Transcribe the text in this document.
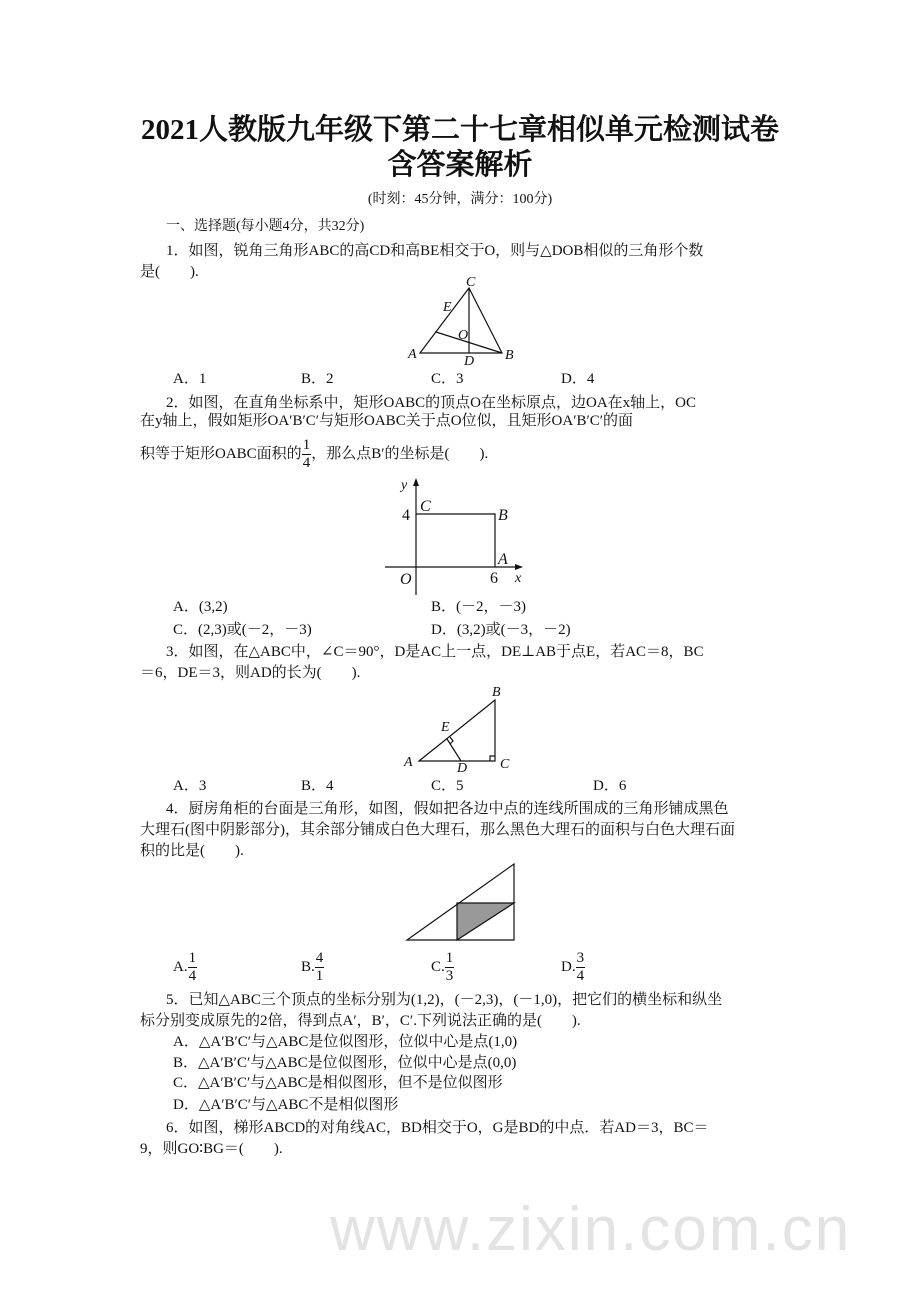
www.zixin.com.cn
2021人教版九年级下第二十七章相似单元检测试卷
含答案解析
(时刻：45分钟，满分：100分)
一、选择题(每小题4分，共32分)
1．如图，锐角三角形ABC的高CD和高BE相交于O，则与△DOB相似的三角形个数
是(　　).
A	B
C
D
E
O
A．1	B．2	C．3	D．4
2．如图，在直角坐标系中，矩形OABC的顶点O在坐标原点，边OA在x轴上，OC
在y轴上，假如矩形OA′B′C′与矩形OABC关于点O位似，且矩形OA′B′C′的面
积等于矩形OABC面积的 $\frac{1}{4}$ ，那么点B′的坐标是(　　).
y
x
C
B
A
O
4
6
A．(3,2)	B．(－2，－3)
C．(2,3)或(－2，－3)	D．(3,2)或(－3，－2)
3．如图，在△ABC中，∠C＝90°，D是AC上一点，DE⊥AB于点E，若AC＝8，BC
＝6，DE＝3，则AD的长为(　　).
A
B
C
D
E
A．3	B．4	C．5	D．6
4．厨房角柜的台面是三角形，如图，假如把各边中点的连线所围成的三角形铺成黑色
大理石(图中阴影部分)，其余部分铺成白色大理石，那么黑色大理石的面积与白色大理石面
积的比是(　　).
A. $\frac{1}{4}$	B. $\frac{4}{1}$	C. $\frac{1}{3}$	D. $\frac{3}{4}$
5．已知△ABC三个顶点的坐标分别为(1,2)，(－2,3)，(－1,0)，把它们的横坐标和纵坐
标分别变成原先的2倍，得到点A′，B′，C′.下列说法正确的是(　　).
A．△A′B′C′与△ABC是位似图形，位似中心是点(1,0)
B．△A′B′C′与△ABC是位似图形，位似中心是点(0,0)
C．△A′B′C′与△ABC是相似图形，但不是位似图形
D．△A′B′C′与△ABC不是相似图形
6．如图，梯形ABCD的对角线AC，BD相交于O，G是BD的中点．若AD＝3，BC＝
9，则GO∶BG＝(　　).
